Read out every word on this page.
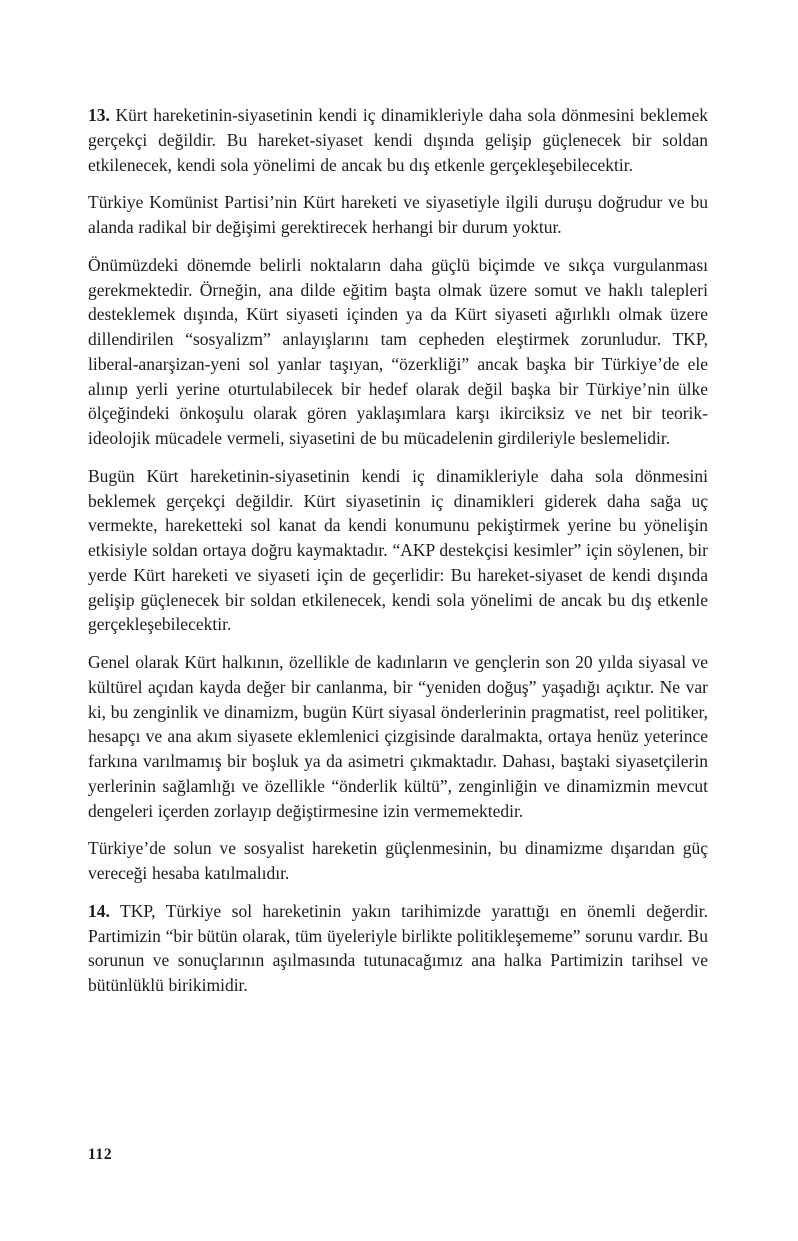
13. Kürt hareketinin-siyasetinin kendi iç dinamikleriyle daha sola dönmesini beklemek gerçekçi değildir. Bu hareket-siyaset kendi dışında gelişip güçlenecek bir soldan etkilenecek, kendi sola yönelimi de ancak bu dış etkenle gerçekleşebilecektir.

Türkiye Komünist Partisi’nin Kürt hareketi ve siyasetiyle ilgili duruşu doğrudur ve bu alanda radikal bir değişimi gerektirecek herhangi bir durum yoktur.

Önümüzdeki dönemde belirli noktaların daha güçlü biçimde ve sıkça vurgulanması gerekmektedir. Örneğin, ana dilde eğitim başta olmak üzere somut ve haklı talepleri desteklemek dışında, Kürt siyaseti içinden ya da Kürt siyaseti ağırlıklı olmak üzere dillendirilen “sosyalizm” anlayışlarını tam cepheden eleştirmek zorunludur. TKP, liberal-anarşizan-yeni sol yanlar taşıyan, “özerkliği” ancak başka bir Türkiye’de ele alınıp yerli yerine oturtulabilecek bir hedef olarak değil başka bir Türkiye’nin ülke ölçeğindeki önkoşulu olarak gören yaklaşımlara karşı ikirciksiz ve net bir teorik-ideolojik mücadele vermeli, siyasetini de bu mücadelenin girdileriyle beslemelidir.

Bugün Kürt hareketinin-siyasetinin kendi iç dinamikleriyle daha sola dönmesini beklemek gerçekçi değildir. Kürt siyasetinin iç dinamikleri giderek daha sağa uç vermekte, hareketteki sol kanat da kendi konumunu pekiştirmek yerine bu yönelişin etkisiyle soldan ortaya doğru kaymaktadır. “AKP destekçisi kesimler” için söylenen, bir yerde Kürt hareketi ve siyaseti için de geçerlidir: Bu hareket-siyaset de kendi dışında gelişip güçlenecek bir soldan etkilenecek, kendi sola yönelimi de ancak bu dış etkenle gerçekleşebilecektir.

Genel olarak Kürt halkının, özellikle de kadınların ve gençlerin son 20 yılda siyasal ve kültürel açıdan kayda değer bir canlanma, bir “yeniden doğuş” yaşadığı açıktır. Ne var ki, bu zenginlik ve dinamizm, bugün Kürt siyasal önderlerinin pragmatist, reel politiker, hesapçı ve ana akım siyasete eklemlenici çizgisinde daralmakta, ortaya henüz yeterince farkına varılmamış bir boşluk ya da asimetri çıkmaktadır. Dahası, baştaki siyasetçilerin yerlerinin sağlamlığı ve özellikle “önderlik kültü”, zenginliğin ve dinamizmin mevcut dengeleri içerden zorlayıp değiştirmesine izin vermemektedir.

Türkiye’de solun ve sosyalist hareketin güçlenmesinin, bu dinamizme dışarıdan güç vereceği hesaba katılmalıdır.

14. TKP, Türkiye sol hareketinin yakın tarihimizde yarattığı en önemli değerdir. Partimizin “bir bütün olarak, tüm üyeleriyle birlikte politikleşememe” sorunu vardır. Bu sorunun ve sonuçlarının aşılmasında tutunacağımız ana halka Partimizin tarihsel ve bütünlüklü birikimidir.

112
